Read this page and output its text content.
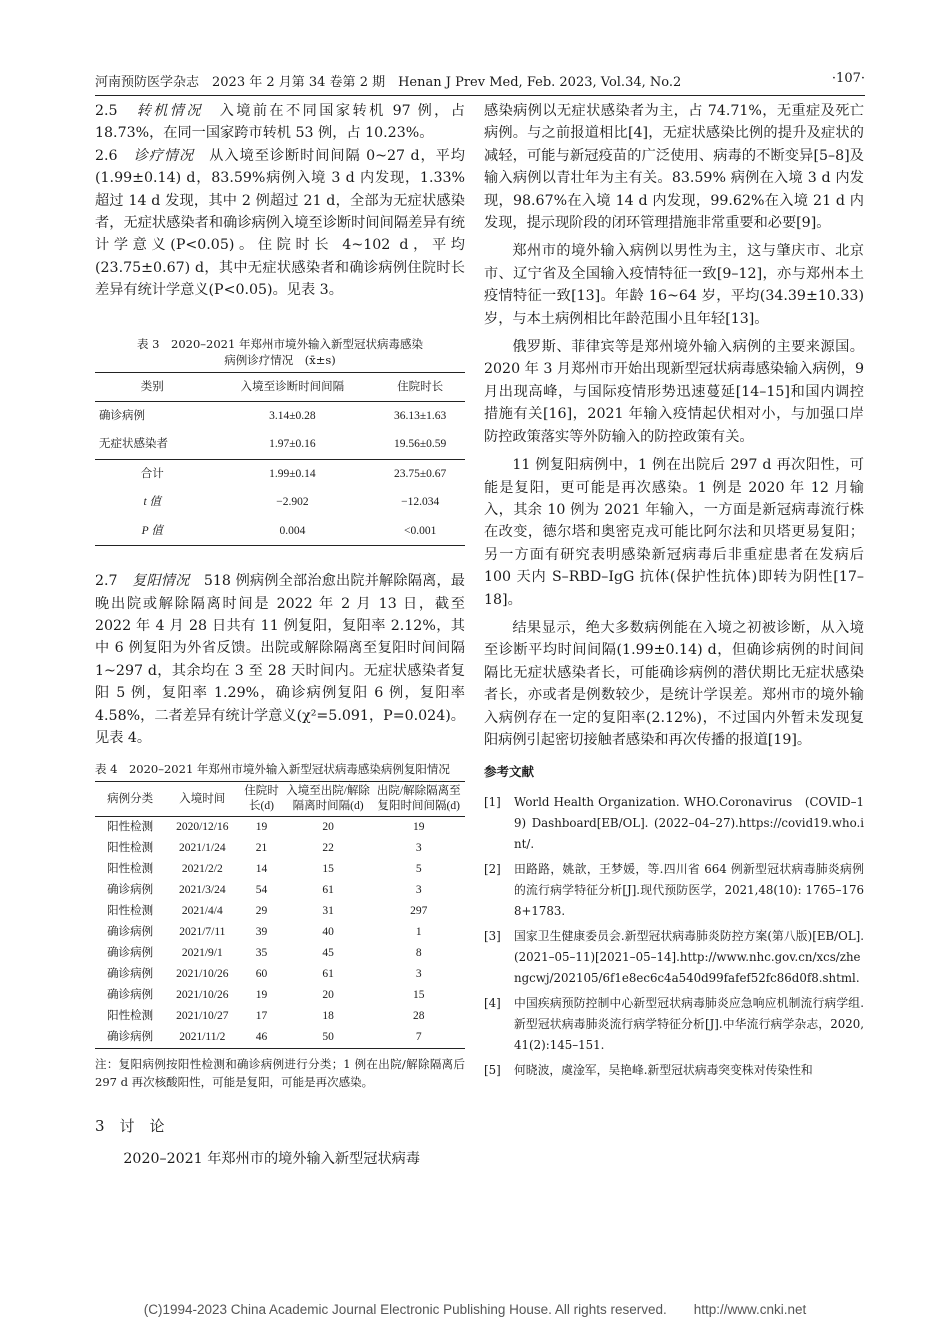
河南预防医学杂志　2023 年 2 月第 34 卷第 2 期　Henan J Prev Med, Feb. 2023, Vol.34, No.2	·107·

2.5　转机情况　入境前在不同国家转机 97 例，占 18.73%，在同一国家跨市转机 53 例，占 10.23%。

2.6　诊疗情况　从入境至诊断时间间隔 0~27 d，平均(1.99±0.14) d，83.59%病例入境 3 d 内发现，1.33% 超过 14 d 发现，其中 2 例超过 21 d，全部为无症状感染者，无症状感染者和确诊病例入境至诊断时间间隔差异有统计学意义(P<0.05)。住院时长 4~102 d，平均(23.75±0.67) d，其中无症状感染者和确诊病例住院时长差异有统计学意义(P<0.05)。见表 3。

表 3　2020–2021 年郑州市境外输入新型冠状病毒感染
病例诊疗情况　(x̄±s)
类别	入境至诊断时间间隔	住院时长
确诊病例	3.14±0.28	36.13±1.63
无症状感染者	1.97±0.16	19.56±0.59
合计	1.99±0.14	23.75±0.67
t 值	−2.902	−12.034
P 值	0.004	<0.001

2.7　复阳情况　518 例病例全部治愈出院并解除隔离，最晚出院或解除隔离时间是 2022 年 2 月 13 日，截至 2022 年 4 月 28 日共有 11 例复阳，复阳率 2.12%，其中 6 例复阳为外省反馈。出院或解除隔离至复阳时间间隔 1~297 d，其余均在 3 至 28 天时间内。无症状感染者复阳 5 例，复阳率 1.29%，确诊病例复阳 6 例，复阳率 4.58%，二者差异有统计学意义(χ²=5.091，P=0.024)。见表 4。

表 4　2020–2021 年郑州市境外输入新型冠状病毒感染病例复阳情况
病例分类	入境时间	住院时长(d)	入境至出院/解除隔离时间隔(d)	出院/解除隔离至复阳时间间隔(d)
阳性检测	2020/12/16	19	20	19
阳性检测	2021/1/24	21	22	3
阳性检测	2021/2/2	14	15	5
确诊病例	2021/3/24	54	61	3
阳性检测	2021/4/4	29	31	297
确诊病例	2021/7/11	39	40	1
确诊病例	2021/9/1	35	45	8
确诊病例	2021/10/26	60	61	3
确诊病例	2021/10/26	19	20	15
阳性检测	2021/10/27	17	18	28
确诊病例	2021/11/2	46	50	7
注：复阳病例按阳性检测和确诊病例进行分类；1 例在出院/解除隔离后 297 d 再次核酸阳性，可能是复阳，可能是再次感染。
3　讨　论

2020–2021 年郑州市的境外输入新型冠状病毒

感染病例以无症状感染者为主，占 74.71%，无重症及死亡病例。与之前报道相比[4]，无症状感染比例的提升及症状的减轻，可能与新冠疫苗的广泛使用、病毒的不断变异[5–8]及输入病例以青壮年为主有关。83.59% 病例在入境 3 d 内发现，98.67%在入境 14 d 内发现，99.62%在入境 21 d 内发现，提示现阶段的闭环管理措施非常重要和必要[9]。

郑州市的境外输入病例以男性为主，这与肇庆市、北京市、辽宁省及全国输入疫情特征一致[9–12]，亦与郑州本土疫情特征一致[13]。年龄 16~64 岁，平均(34.39±10.33)岁，与本土病例相比年龄范围小且年轻[13]。

俄罗斯、菲律宾等是郑州境外输入病例的主要来源国。2020 年 3 月郑州市开始出现新型冠状病毒感染输入病例，9 月出现高峰，与国际疫情形势迅速蔓延[14–15]和国内调控措施有关[16]，2021 年输入疫情起伏相对小，与加强口岸防控政策落实等外防输入的防控政策有关。

11 例复阳病例中，1 例在出院后 297 d 再次阳性，可能是复阳，更可能是再次感染。1 例是 2020 年 12 月输入，其余 10 例为 2021 年输入，一方面是新冠病毒流行株在改变，德尔塔和奥密克戎可能比阿尔法和贝塔更易复阳；另一方面有研究表明感染新冠病毒后非重症患者在发病后 100 天内 S–RBD–IgG 抗体(保护性抗体)即转为阴性[17–18]。

结果显示，绝大多数病例能在入境之初被诊断，从入境至诊断平均时间间隔(1.99±0.14) d，但确诊病例的时间间隔比无症状感染者长，可能确诊病例的潜伏期比无症状感染者长，亦或者是例数较少，是统计学误差。郑州市的境外输入病例存在一定的复阳率(2.12%)，不过国内外暂未发现复阳病例引起密切接触者感染和再次传播的报道[19]。

参考文献
[1]	World Health Organization. WHO.Coronavirus　(COVID–19) Dashboard[EB/OL]. (2022–04–27).https://covid19.who.int/.
[2]	田路路，姚歆，王梦媛，等.四川省 664 例新型冠状病毒肺炎病例的流行病学特征分析[J].现代预防医学，2021,48(10): 1765–1768+1783.
[3]	国家卫生健康委员会.新型冠状病毒肺炎防控方案(第八版)[EB/OL]. (2021–05–11)[2021–05–14].http://www.nhc.gov.cn/xcs/zhengcwj/202105/6f1e8ec6c4a540d99fafef52fc86d0f8.shtml.
[4]	中国疾病预防控制中心新型冠状病毒肺炎应急响应机制流行病学组.新型冠状病毒肺炎流行病学特征分析[J].中华流行病学杂志，2020,41(2):145–151.
[5]	何晓波，虞淦军，吴艳峰.新型冠状病毒突变株对传染性和
(C)1994-2023 China Academic Journal Electronic Publishing House. All rights reserved.　　http://www.cnki.net
